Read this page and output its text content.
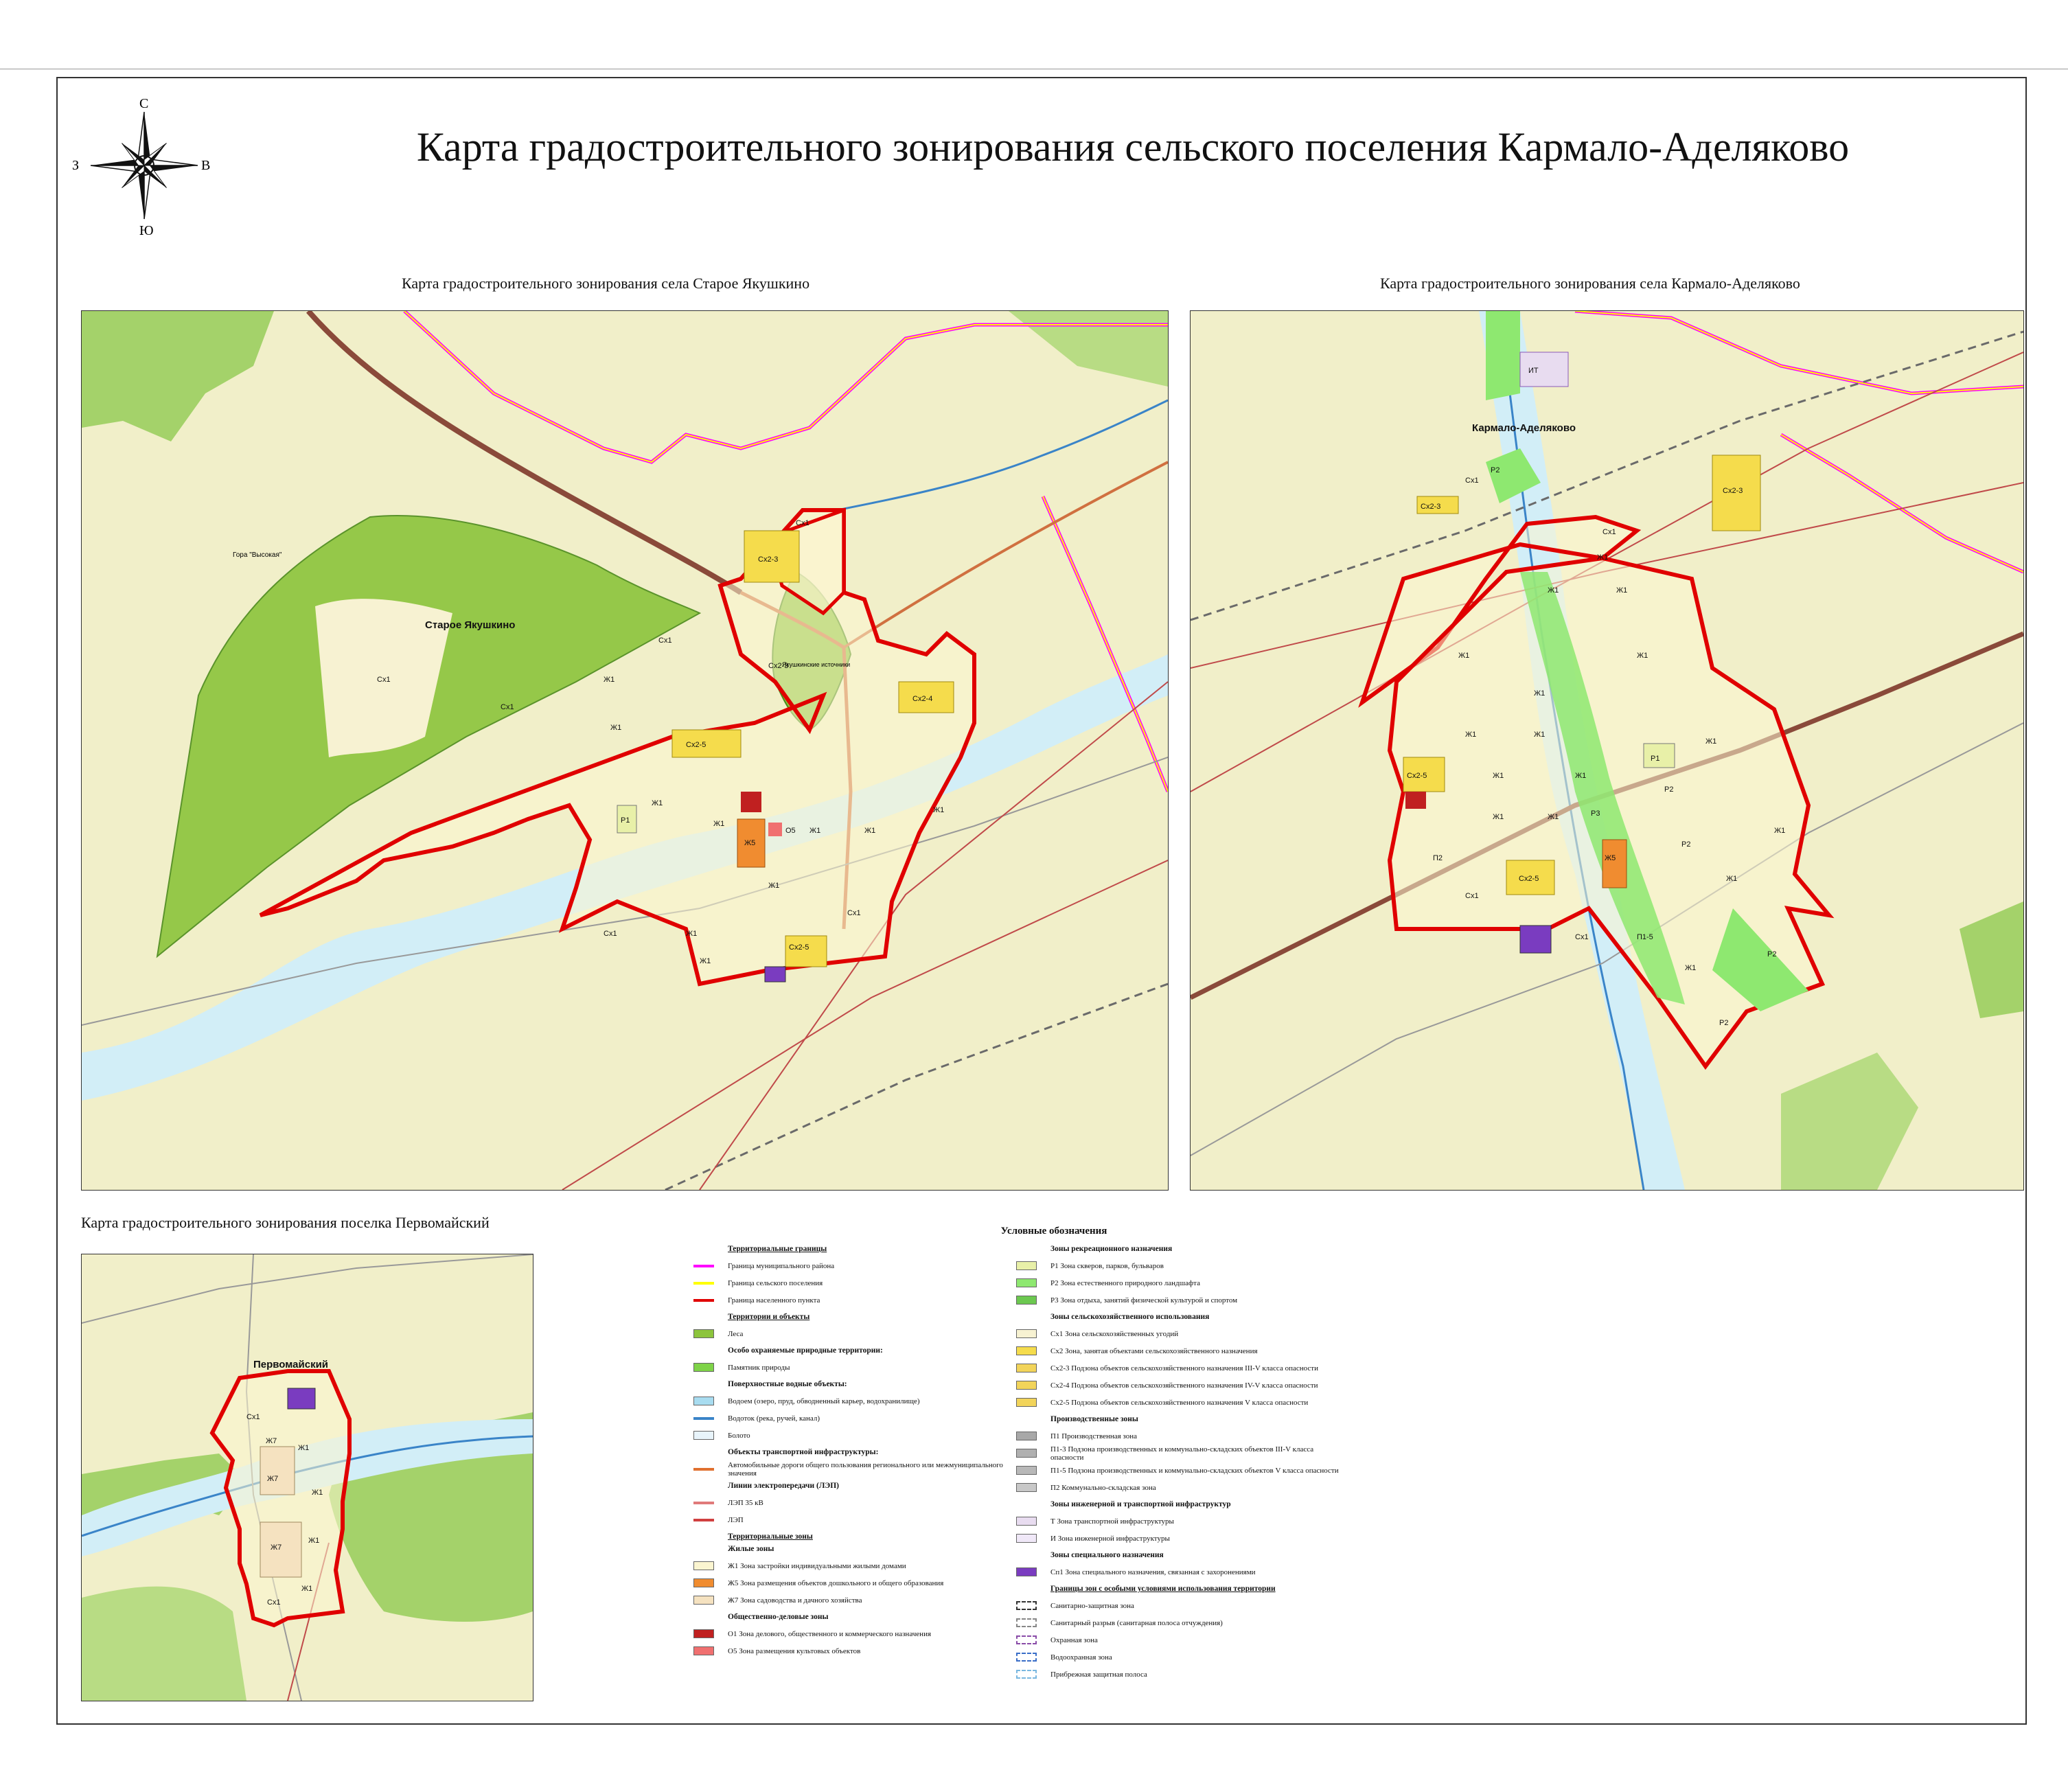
С
Ю
З	В	Карта градостроительного зонирования сельского поселения Кармало-Аделяково
Карта градостроительного зонирования села Старое Якушкино
Сх1
Сх2-3
Сх1
Ж1
Сх1
Ж1
Сх2-4
Сх2-5
Ж1
Ж1
Ж1	Ж1
Ж1
Ж1
Ж5
О5
Ж1
Ж1
Сх1
Сх2-5
Сх1
Р1
Сх1
Сх2-3
Старое Якушкино
Гора "Высокая"
Якушкинские источники
Карта градостроительного зонирования села Кармало-Аделяково
ИТ
Р2
Сх1
Сх2-3
Сх2-3
Сх1
Ж1
Ж1	Ж1
Ж1
Ж1
Ж1
Ж1	Ж1
Ж1	Ж1
Ж1	Ж1
Ж1
Ж1
Ж1
Р1
Р2
Р2
Р3
Сх2-5
Сх2-5
Ж5
П2
Сх1
Сх1	П1-5
Ж1
Р2
Р2
Кармало-Аделяково
Карта градостроительного зонирования поселка Первомайский
Сх1
Ж7
Ж1
Ж7
Ж1
Ж7
Ж1
Ж1
Сх1
Первомайский
Условные обозначения
Территориальные границы
Граница муниципального района
Граница сельского поселения
Граница населенного пункта
Территории и объекты
Леса
Особо охраняемые природные территории:
Памятник природы
Поверхностные водные объекты:
Водоем (озеро, пруд, обводненный карьер, водохранилище)
Водоток (река, ручей, канал)
Болото
Объекты транспортной инфраструктуры:
Автомобильные дороги общего пользования регионального или межмуниципального значения
Линии электропередачи (ЛЭП)
ЛЭП 35 кВ
ЛЭП
Территориальные зоны
Жилые зоны
Ж1 Зона застройки индивидуальными жилыми домами
Ж5 Зона размещения объектов дошкольного и общего образования
Ж7 Зона садоводства и дачного хозяйства
Общественно-деловые зоны
О1 Зона делового, общественного и коммерческого назначения
О5 Зона размещения культовых объектов
Зоны рекреационного назначения
Р1 Зона скверов, парков, бульваров
Р2 Зона естественного природного ландшафта
Р3 Зона отдыха, занятий физической культурой и спортом
Зоны сельскохозяйственного использования
Сх1 Зона сельскохозяйственных угодий
Сх2 Зона, занятая объектами сельскохозяйственного назначения
Сх2-3 Подзона объектов сельскохозяйственного назначения III-V класса опасности
Сх2-4 Подзона объектов сельскохозяйственного назначения IV-V класса опасности
Сх2-5 Подзона объектов сельскохозяйственного назначения V класса опасности
Производственные зоны
П1 Производственная зона
П1-3 Подзона производственных и коммунально-складских объектов III-V класса опасности
П1-5 Подзона производственных и коммунально-складских объектов V класса опасности
П2 Коммунально-складская зона
Зоны инженерной и транспортной инфраструктур
Т Зона транспортной инфраструктуры
И Зона инженерной инфраструктуры
Зоны специального назначения
Сп1 Зона специального назначения, связанная с захоронениями
Границы зон с особыми условиями использования территории
Санитарно-защитная зона
Санитарный разрыв (санитарная полоса отчуждения)
Охранная зона
Водоохранная зона
Прибрежная защитная полоса
